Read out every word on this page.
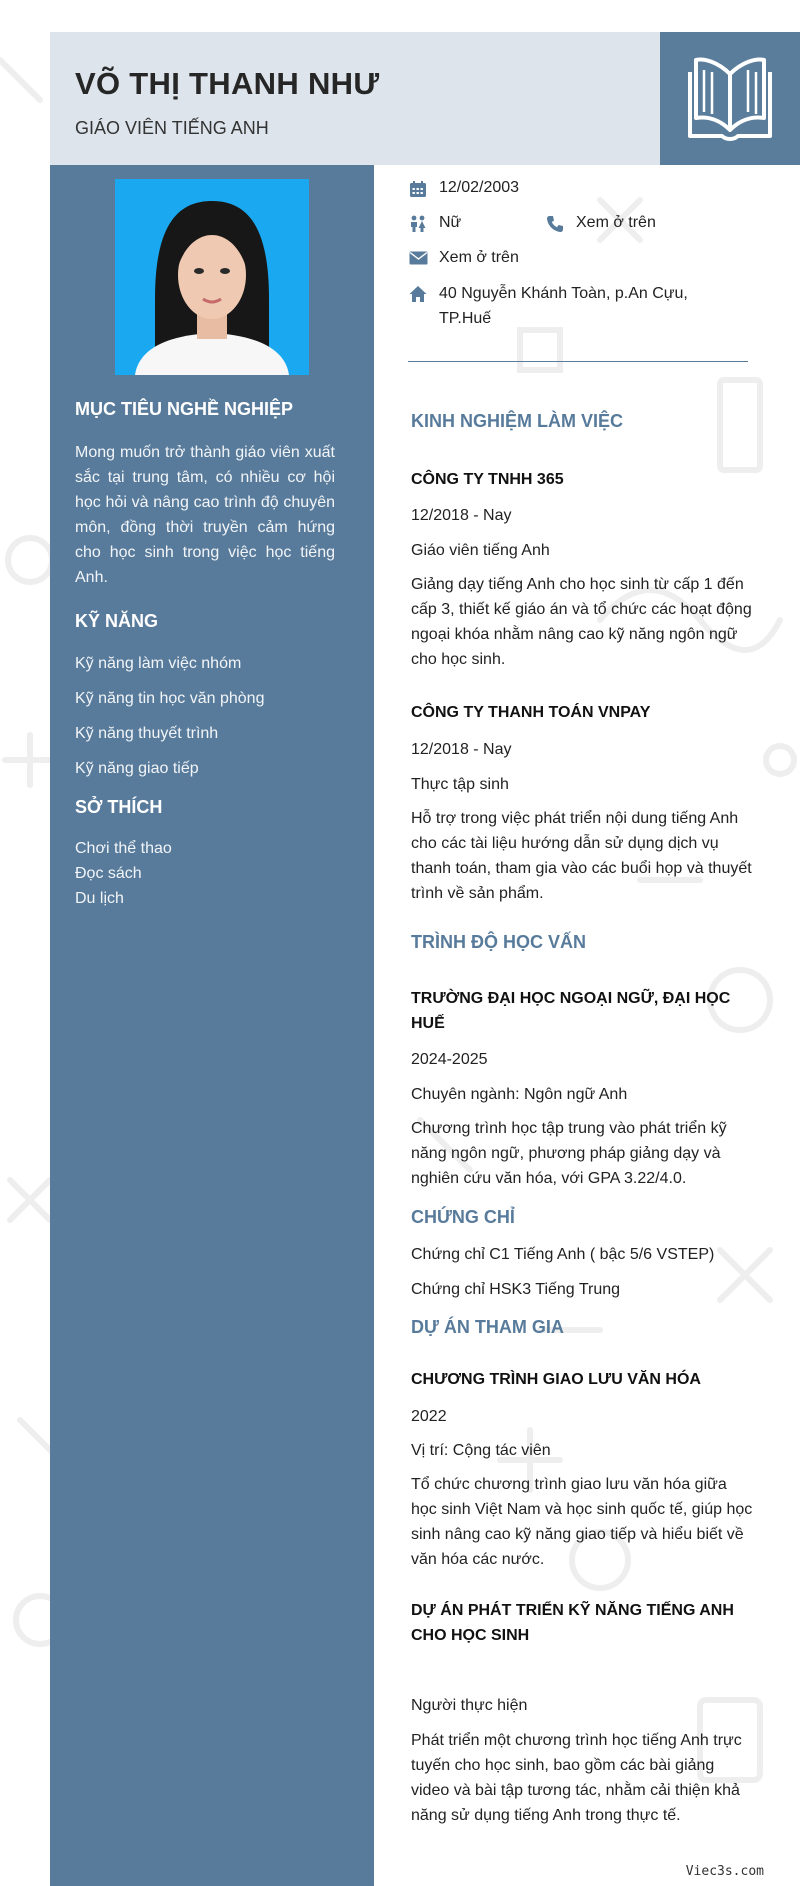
VÕ THỊ THANH NHƯ
GIÁO VIÊN TIẾNG ANH
MỤC TIÊU NGHỀ NGHIỆP
Mong muốn trở thành giáo viên xuất sắc tại trung tâm, có nhiều cơ hội học hỏi và nâng cao trình độ chuyên môn, đồng thời truyền cảm hứng cho học sinh trong việc học tiếng Anh.
KỸ NĂNG
Kỹ năng làm việc nhóm
Kỹ năng tin học văn phòng
Kỹ năng thuyết trình
Kỹ năng giao tiếp
SỞ THÍCH
Chơi thể thao
Đọc sách
Du lịch
12/02/2003
Nữ	Xem ở trên
Xem ở trên
40 Nguyễn Khánh Toàn, p.An Cựu, TP.Huế
KINH NGHIỆM LÀM VIỆC
CÔNG TY TNHH 365
12/2018 - Nay
Giáo viên tiếng Anh
Giảng dạy tiếng Anh cho học sinh từ cấp 1 đến cấp 3, thiết kế giáo án và tổ chức các hoạt động ngoại khóa nhằm nâng cao kỹ năng ngôn ngữ cho học sinh.
CÔNG TY THANH TOÁN VNPAY
12/2018 - Nay
Thực tập sinh
Hỗ trợ trong việc phát triển nội dung tiếng Anh cho các tài liệu hướng dẫn sử dụng dịch vụ thanh toán, tham gia vào các buổi họp và thuyết trình về sản phẩm.
TRÌNH ĐỘ HỌC VẤN
TRƯỜNG ĐẠI HỌC NGOẠI NGỮ, ĐẠI HỌC HUẾ
2024-2025
Chuyên ngành: Ngôn ngữ Anh
Chương trình học tập trung vào phát triển kỹ năng ngôn ngữ, phương pháp giảng dạy và nghiên cứu văn hóa, với GPA 3.22/4.0.
CHỨNG CHỈ
Chứng chỉ C1 Tiếng Anh ( bậc 5/6 VSTEP)
Chứng chỉ HSK3 Tiếng Trung
DỰ ÁN THAM GIA
CHƯƠNG TRÌNH GIAO LƯU VĂN HÓA
2022
Vị trí: Cộng tác viên
Tổ chức chương trình giao lưu văn hóa giữa học sinh Việt Nam và học sinh quốc tế, giúp học sinh nâng cao kỹ năng giao tiếp và hiểu biết về văn hóa các nước.
DỰ ÁN PHÁT TRIỂN KỸ NĂNG TIẾNG ANH CHO HỌC SINH
Người thực hiện
Phát triển một chương trình học tiếng Anh trực tuyến cho học sinh, bao gồm các bài giảng video và bài tập tương tác, nhằm cải thiện khả năng sử dụng tiếng Anh trong thực tế.
Viec3s.com
